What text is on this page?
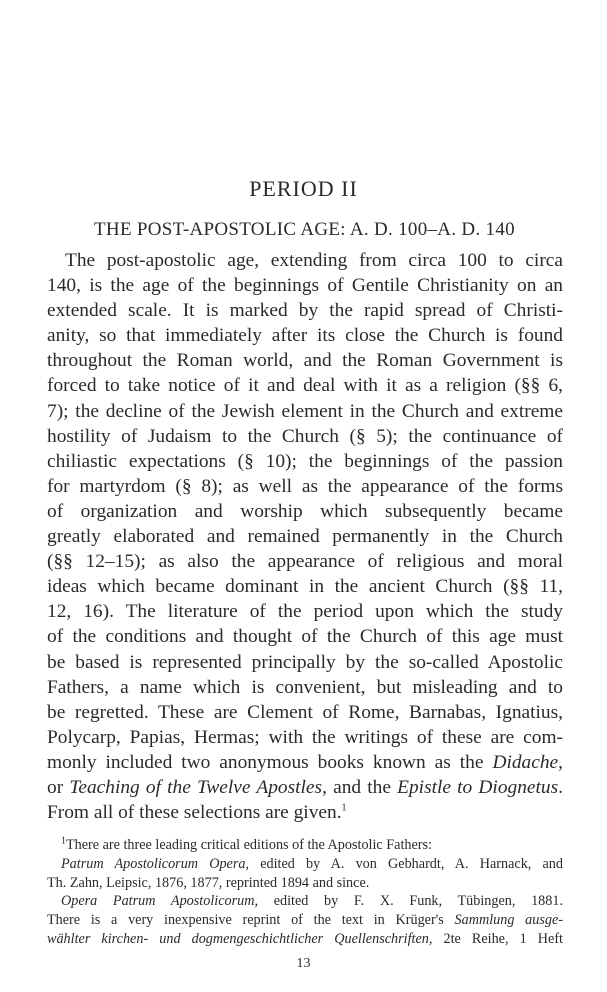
PERIOD II
THE POST-APOSTOLIC AGE: A. D. 100–A. D. 140
The post-apostolic age, extending from circa 100 to circa
140, is the age of the beginnings of Gentile Christianity on an
extended scale. It is marked by the rapid spread of Christi-
anity, so that immediately after its close the Church is found
throughout the Roman world, and the Roman Government is
forced to take notice of it and deal with it as a religion (§§ 6,
7); the decline of the Jewish element in the Church and extreme
hostility of Judaism to the Church (§ 5); the continuance of
chiliastic expectations (§ 10); the beginnings of the passion
for martyrdom (§ 8); as well as the appearance of the forms
of organization and worship which subsequently became
greatly elaborated and remained permanently in the Church
(§§ 12–15); as also the appearance of religious and moral
ideas which became dominant in the ancient Church (§§ 11,
12, 16). The literature of the period upon which the study
of the conditions and thought of the Church of this age must
be based is represented principally by the so-called Apostolic
Fathers, a name which is convenient, but misleading and to
be regretted. These are Clement of Rome, Barnabas, Ignatius,
Polycarp, Papias, Hermas; with the writings of these are com-
monly included two anonymous books known as the Didache,
or Teaching of the Twelve Apostles, and the Epistle to Diognetus.
From all of these selections are given.$^1$
$^1$There are three leading critical editions of the Apostolic Fathers:
Patrum Apostolicorum Opera, edited by A. von Gebhardt, A. Harnack, and
Th. Zahn, Leipsic, 1876, 1877, reprinted 1894 and since.
Opera Patrum Apostolicorum, edited by F. X. Funk, Tübingen, 1881.
There is a very inexpensive reprint of the text in Krüger's Sammlung ausge-
wählter kirchen- und dogmengeschichtlicher Quellenschriften, 2te Reihe, 1 Heft
13
